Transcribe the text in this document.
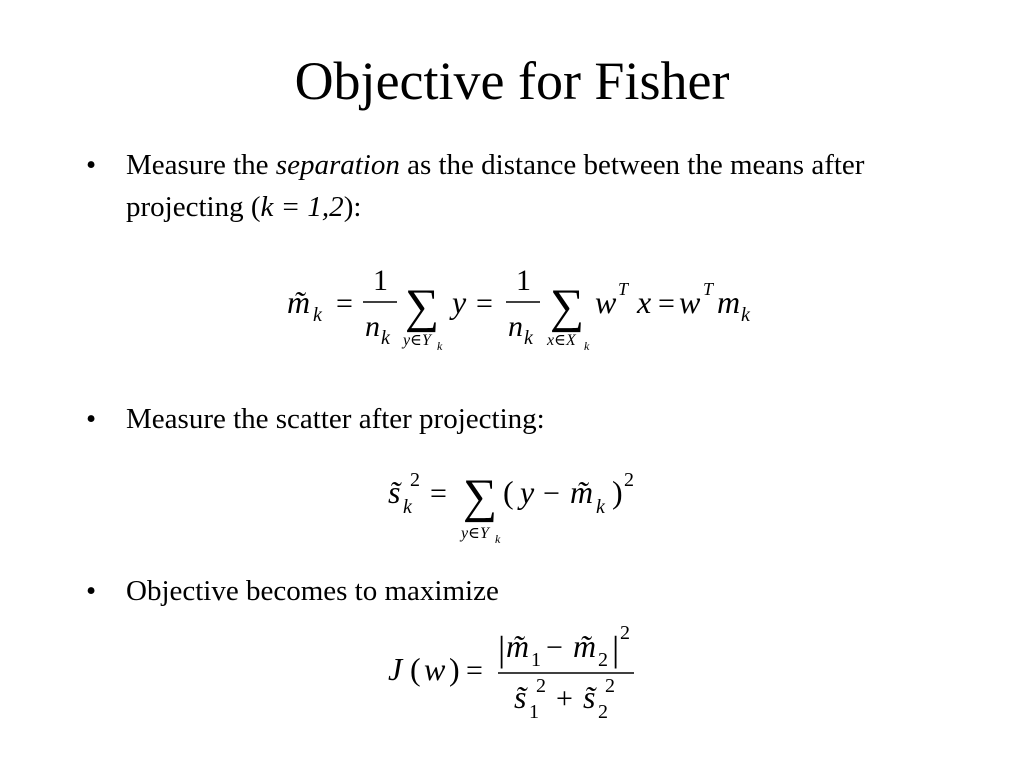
Objective for Fisher
• Measure the separation as the distance between the means after projecting (k = 1,2):
• Measure the scatter after projecting:
• Objective becomes to maximize
m̃ k =
1
n k
∑
y∈Y k
y =
1
n k
∑
x∈X k
w T x = w T m k
s̃ 2
k = ∑
y∈Y k
( y − m̃ k ) 2
J ( w ) =
| m̃ 1 − m̃ 2 | 2
s̃ 2
1 + s̃ 2
2
